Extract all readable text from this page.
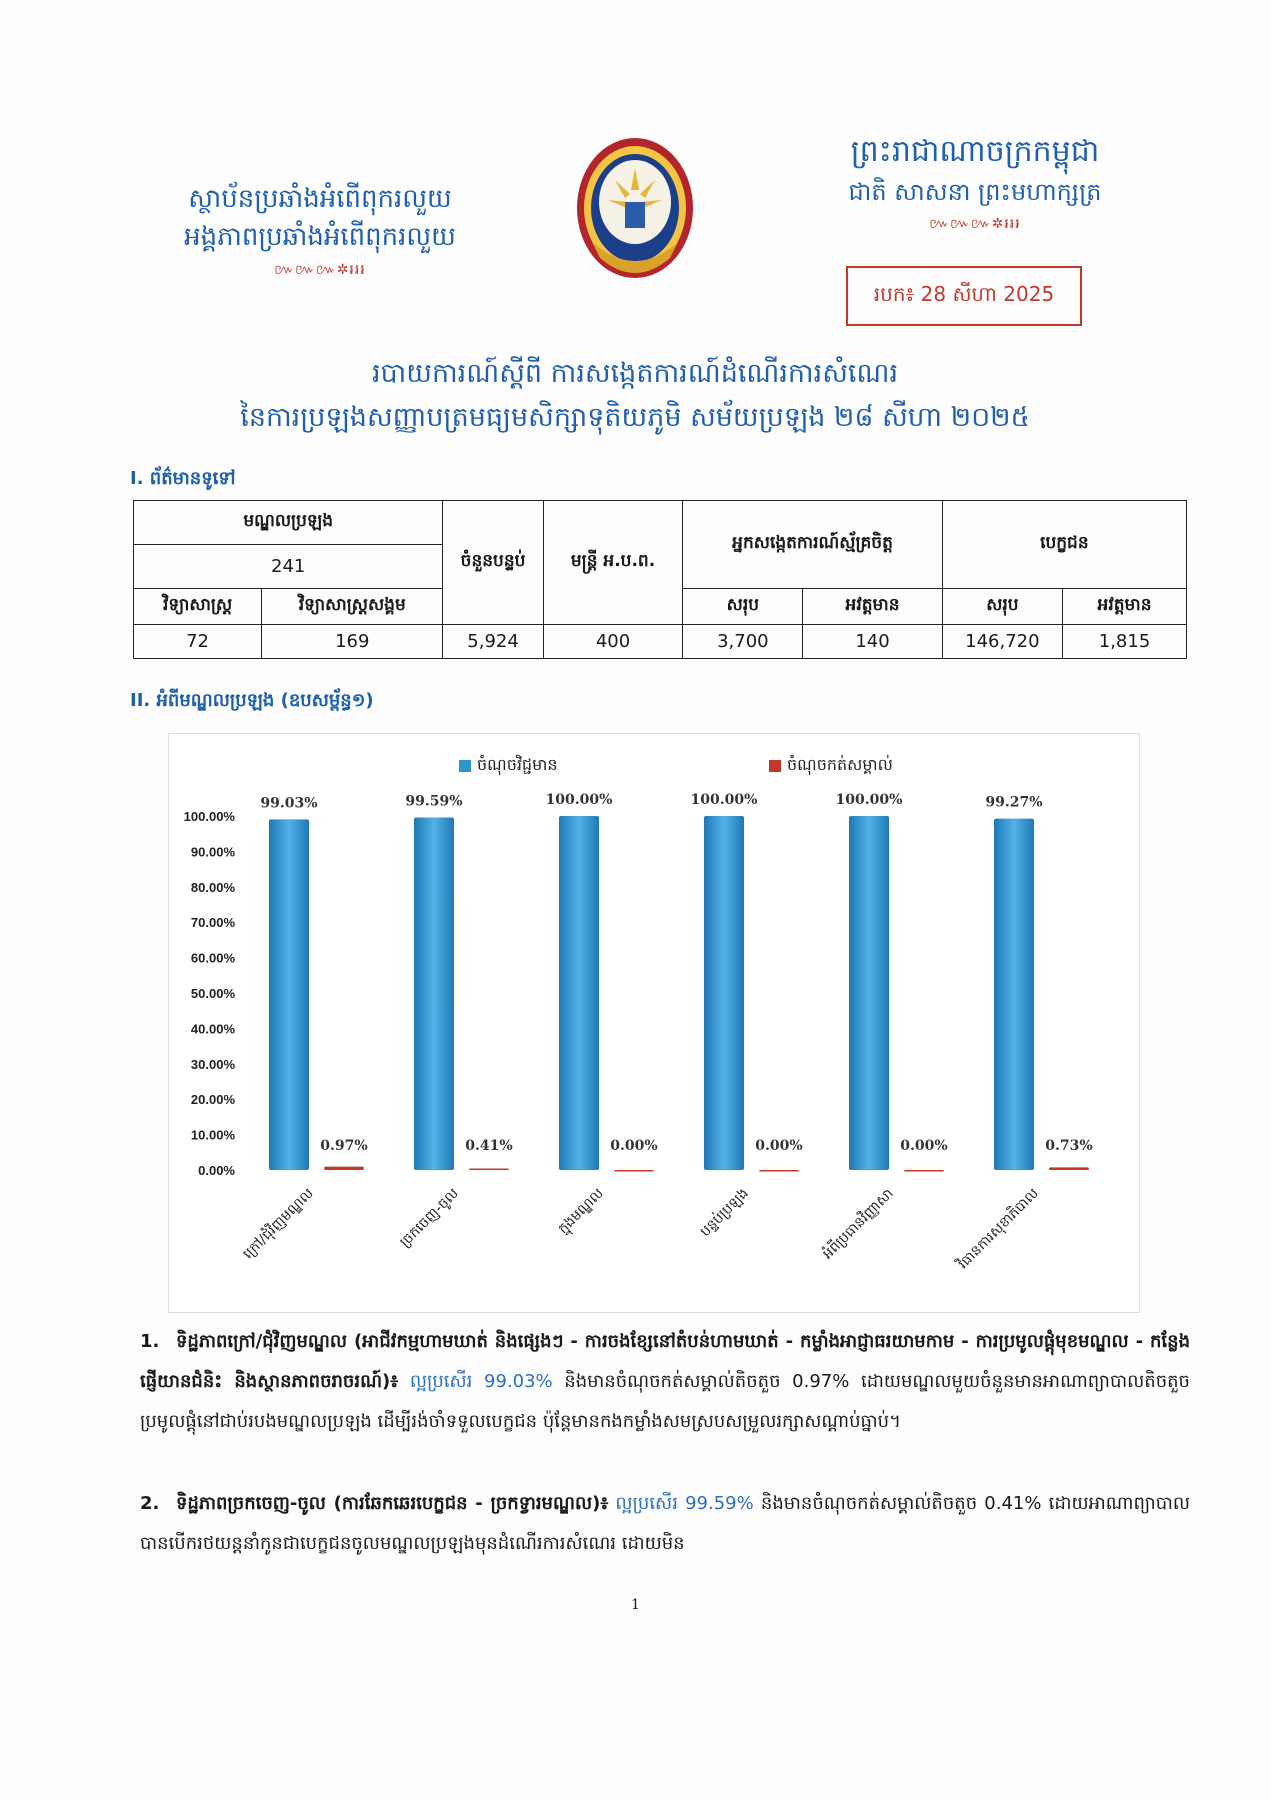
ស្ថាប័នប្រឆាំងអំពើពុករលួយ
អង្គភាពប្រឆាំងអំពើពុករលួយ
៚៚៚✲៛៛៛
ព្រះរាជាណាចក្រកម្ពុជា
ជាតិ សាសនា ព្រះមហាក្សត្រ
៚៚៚✲៛៛៛
របក៖ 28 សីហា 2025
របាយការណ៍ស្ដីពី ការសង្កេតការណ៍ដំណើរការសំណេរ
នៃការប្រឡងសញ្ញាបត្រមធ្យមសិក្សាទុតិយភូមិ សម័យប្រឡង ២៨ សីហា ២០២៥
I. ព័ត៌មានទូទៅ
មណ្ឌលប្រឡង		ចំនួនបន្ទប់	មន្ត្រី អ.ប.ព.	អ្នកសង្កេតការណ៍ស្ម័គ្រចិត្ត		បេក្ខជន	
241							
វិទ្យាសាស្ត្រ	វិទ្យាសាស្ត្រសង្គម			សរុប	អវត្តមាន	សរុប	អវត្តមាន
72	169	5,924	400	3,700	140	146,720	1,815
II. អំពីមណ្ឌលប្រឡង (ឧបសម្ព័ន្ធ១)
0.00%
10.00%
20.00%
30.00%
40.00%
50.00%
60.00%
70.00%
80.00%
90.00%
100.00%
ចំណុចវិជ្ជមាន	ចំណុចកត់សម្គាល់
99.03%
0.97%
ក្រៅ/ជុំវិញមណ្ឌល
99.59%
0.41%
ច្រកចេញ-ចូល
100.00%
0.00%
ក្នុងមណ្ឌល
100.00%
0.00%
បន្ទប់ប្រឡង
100.00%
0.00%
អំពីប្រធានវិញ្ញាសា
99.27%
0.73%
វិធានការសុខាភិបាល
1. ទិដ្ឋភាពក្រៅ/ជុំវិញមណ្ឌល (អាជីវកម្មហាមឃាត់ និងផ្សេងៗ - ការចងខ្សែនៅតំបន់ហាមឃាត់ - កម្លាំងអាជ្ញាធរយាមកាម - ការប្រមូលផ្ដុំមុខមណ្ឌល - កន្លែងផ្ញើយានជំនិះ និងស្ថានភាពចរាចរណ៍)៖ ល្អប្រសើរ 99.03% និងមានចំណុចកត់សម្គាល់តិចតួច 0.97% ដោយមណ្ឌលមួយចំនួនមានអាណាព្យាបាលតិចតួចប្រមូលផ្ដុំនៅជាប់របងមណ្ឌលប្រឡង ដើម្បីរង់ចាំទទួលបេក្ខជន ប៉ុន្តែមានកងកម្លាំងសមស្របសម្រួលរក្សាសណ្ដាប់ធ្នាប់។
2. ទិដ្ឋភាពច្រកចេញ-ចូល (ការឆែកឆេរបេក្ខជន - ច្រកទ្វារមណ្ឌល)៖ ល្អប្រសើរ 99.59% និងមានចំណុចកត់សម្គាល់តិចតួច 0.41% ដោយអាណាព្យាបាល បានបើករថយន្តនាំកូនជាបេក្ខជនចូលមណ្ឌលប្រឡងមុនដំណើរការសំណេរ ដោយមិន
1
